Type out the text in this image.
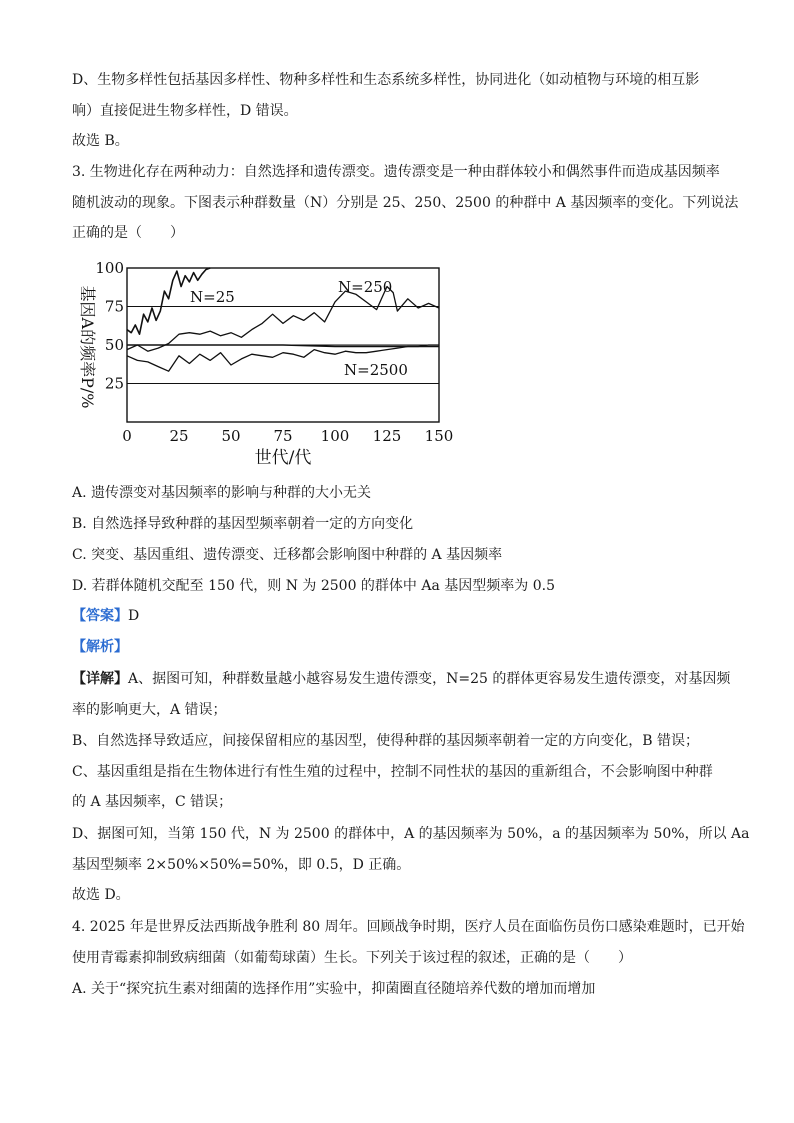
D、生物多样性包括基因多样性、物种多样性和生态系统多样性，协同进化（如动植物与环境的相互影
响）直接促进生物多样性，D 错误。
故选 B。
3. 生物进化存在两种动力：自然选择和遗传漂变。遗传漂变是一种由群体较小和偶然事件而造成基因频率
随机波动的现象。下图表示种群数量（N）分别是 25、250、2500 的种群中 A 基因频率的变化。下列说法
正确的是（　　）
0	25 50 75 100 125 150
25
50
75
100
N=25
N=250
N=2500
世代/代
基因A的频率P/%
A. 遗传漂变对基因频率的影响与种群的大小无关
B. 自然选择导致种群的基因型频率朝着一定的方向变化
C. 突变、基因重组、遗传漂变、迁移都会影响图中种群的 A 基因频率
D. 若群体随机交配至 150 代，则 N 为 2500 的群体中 Aa 基因型频率为 0.5
【答案】D
【解析】
【详解】A、据图可知，种群数量越小越容易发生遗传漂变，N=25 的群体更容易发生遗传漂变，对基因频
率的影响更大，A 错误；
B、自然选择导致适应，间接保留相应的基因型，使得种群的基因频率朝着一定的方向变化，B 错误；
C、基因重组是指在生物体进行有性生殖的过程中，控制不同性状的基因的重新组合，不会影响图中种群
的 A 基因频率，C 错误；
D、据图可知，当第 150 代，N 为 2500 的群体中，A 的基因频率为 50%，a 的基因频率为 50%，所以 Aa
基因型频率 2×50%×50%=50%，即 0.5，D 正确。
故选 D。
4. 2025 年是世界反法西斯战争胜利 80 周年。回顾战争时期，医疗人员在面临伤员伤口感染难题时，已开始
使用青霉素抑制致病细菌（如葡萄球菌）生长。下列关于该过程的叙述，正确的是（　　）
A. 关于“探究抗生素对细菌的选择作用”实验中，抑菌圈直径随培养代数的增加而增加
